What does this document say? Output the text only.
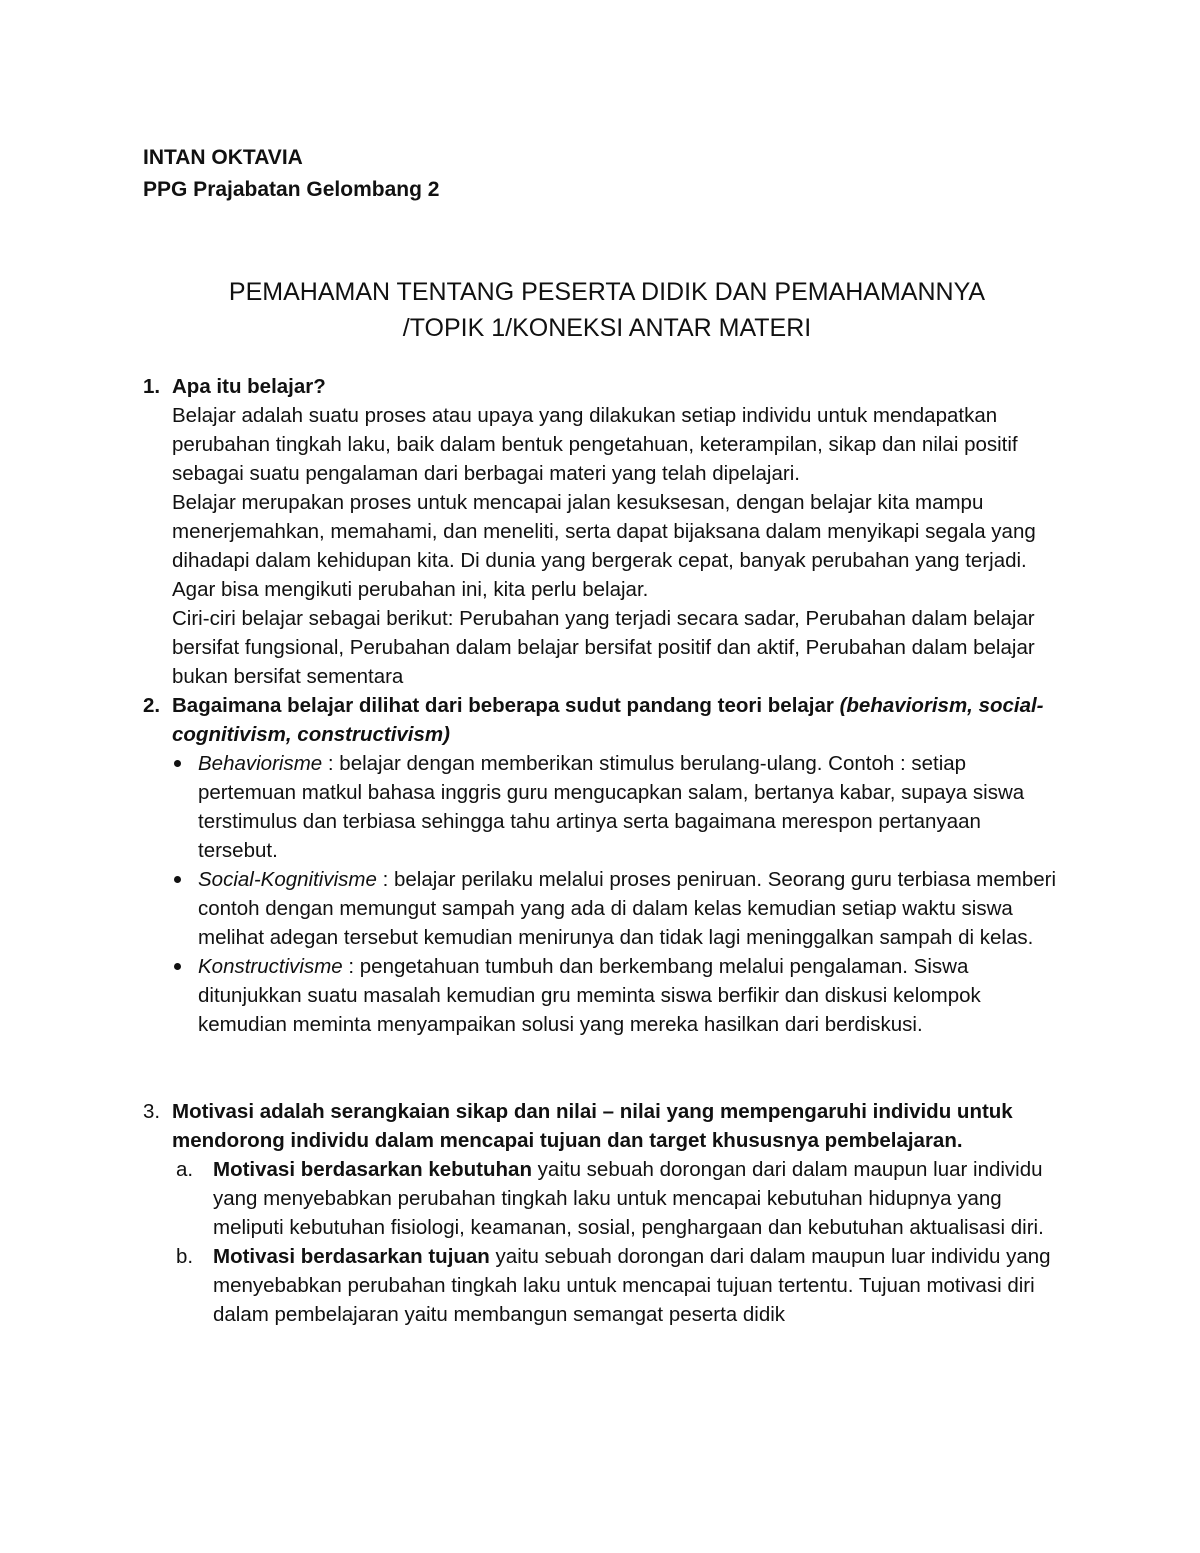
INTAN OKTAVIA
PPG Prajabatan Gelombang 2
PEMAHAMAN TENTANG PESERTA DIDIK DAN PEMAHAMANNYA
/TOPIK 1/KONEKSI ANTAR MATERI
1. Apa itu belajar?

Belajar adalah suatu proses atau upaya yang dilakukan setiap individu untuk mendapatkan perubahan tingkah laku, baik dalam bentuk pengetahuan, keterampilan, sikap dan nilai positif sebagai suatu pengalaman dari berbagai materi yang telah dipelajari.

Belajar merupakan proses untuk mencapai jalan kesuksesan, dengan belajar kita mampu menerjemahkan, memahami, dan meneliti, serta dapat bijaksana dalam menyikapi segala yang dihadapi dalam kehidupan kita. Di dunia yang bergerak cepat, banyak perubahan yang terjadi. Agar bisa mengikuti perubahan ini, kita perlu belajar.

Ciri-ciri belajar sebagai berikut: Perubahan yang terjadi secara sadar, Perubahan dalam belajar bersifat fungsional, Perubahan dalam belajar bersifat positif dan aktif, Perubahan dalam belajar bukan bersifat sementara

2. Bagaimana belajar dilihat dari beberapa sudut pandang teori belajar (behaviorism, social-cognitivism, constructivism)
Behaviorisme : belajar dengan memberikan stimulus berulang-ulang. Contoh : setiap pertemuan matkul bahasa inggris guru mengucapkan salam, bertanya kabar, supaya siswa terstimulus dan terbiasa sehingga tahu artinya serta bagaimana merespon pertanyaan tersebut.
Social-Kognitivisme : belajar perilaku melalui proses peniruan. Seorang guru terbiasa memberi contoh dengan memungut sampah yang ada di dalam kelas kemudian setiap waktu siswa melihat adegan tersebut kemudian menirunya dan tidak lagi meninggalkan sampah di kelas.
Konstructivisme : pengetahuan tumbuh dan berkembang melalui pengalaman. Siswa ditunjukkan suatu masalah kemudian gru meminta siswa berfikir dan diskusi kelompok kemudian meminta menyampaikan solusi yang mereka hasilkan dari berdiskusi.
3. Motivasi adalah serangkaian sikap dan nilai – nilai yang mempengaruhi individu untuk mendorong individu dalam mencapai tujuan dan target khususnya pembelajaran.
a. Motivasi berdasarkan kebutuhan yaitu sebuah dorongan dari dalam maupun luar individu yang menyebabkan perubahan tingkah laku untuk mencapai kebutuhan hidupnya yang meliputi kebutuhan fisiologi, keamanan, sosial, penghargaan dan kebutuhan aktualisasi diri.
b. Motivasi berdasarkan tujuan yaitu sebuah dorongan dari dalam maupun luar individu yang menyebabkan perubahan tingkah laku untuk mencapai tujuan tertentu. Tujuan motivasi diri dalam pembelajaran yaitu membangun semangat peserta didik
